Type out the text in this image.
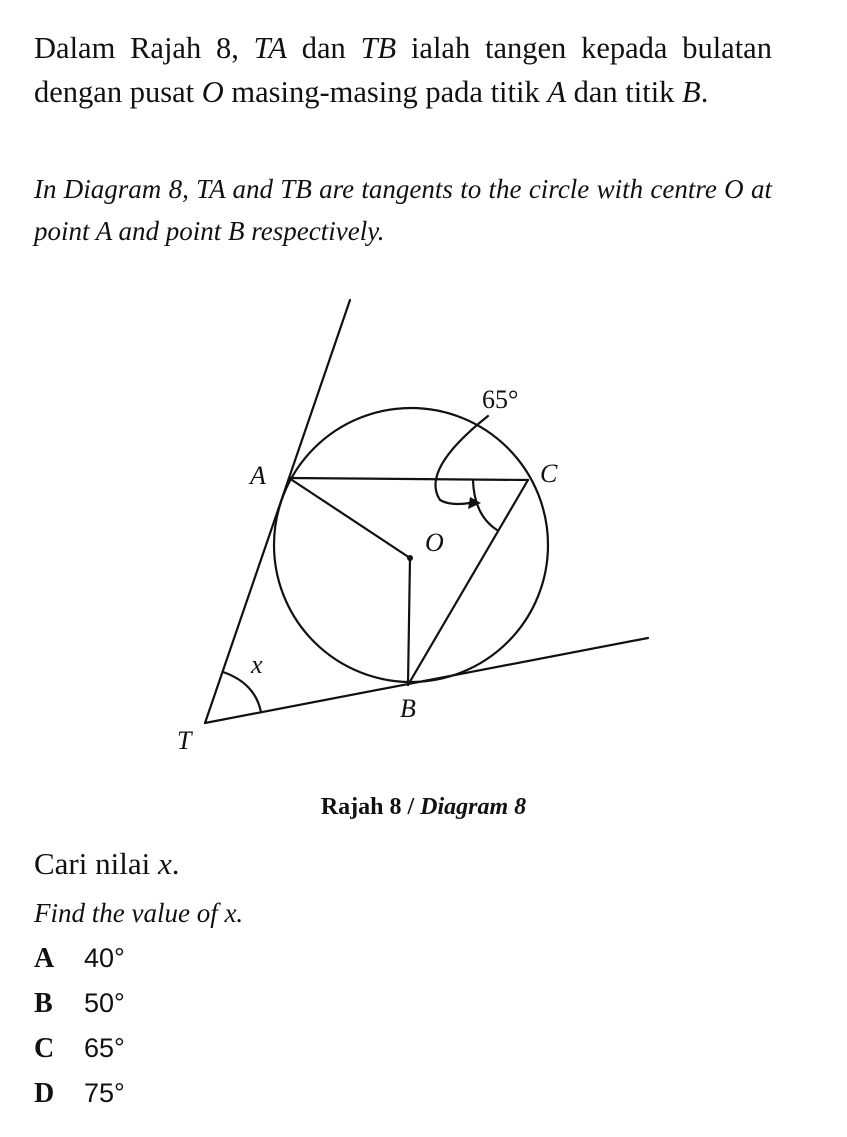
Dalam Rajah 8, TA dan TB ialah tangen kepada bulatan dengan pusat O masing-masing pada titik A dan titik B.
In Diagram 8, TA and TB are tangents to the circle with centre O at point A and point B respectively.
65°
A	C
O
x
B
T
Rajah 8 / Diagram 8
Cari nilai x.
Find the value of x.
A	40°
B	50°
C	65°
D	75°
